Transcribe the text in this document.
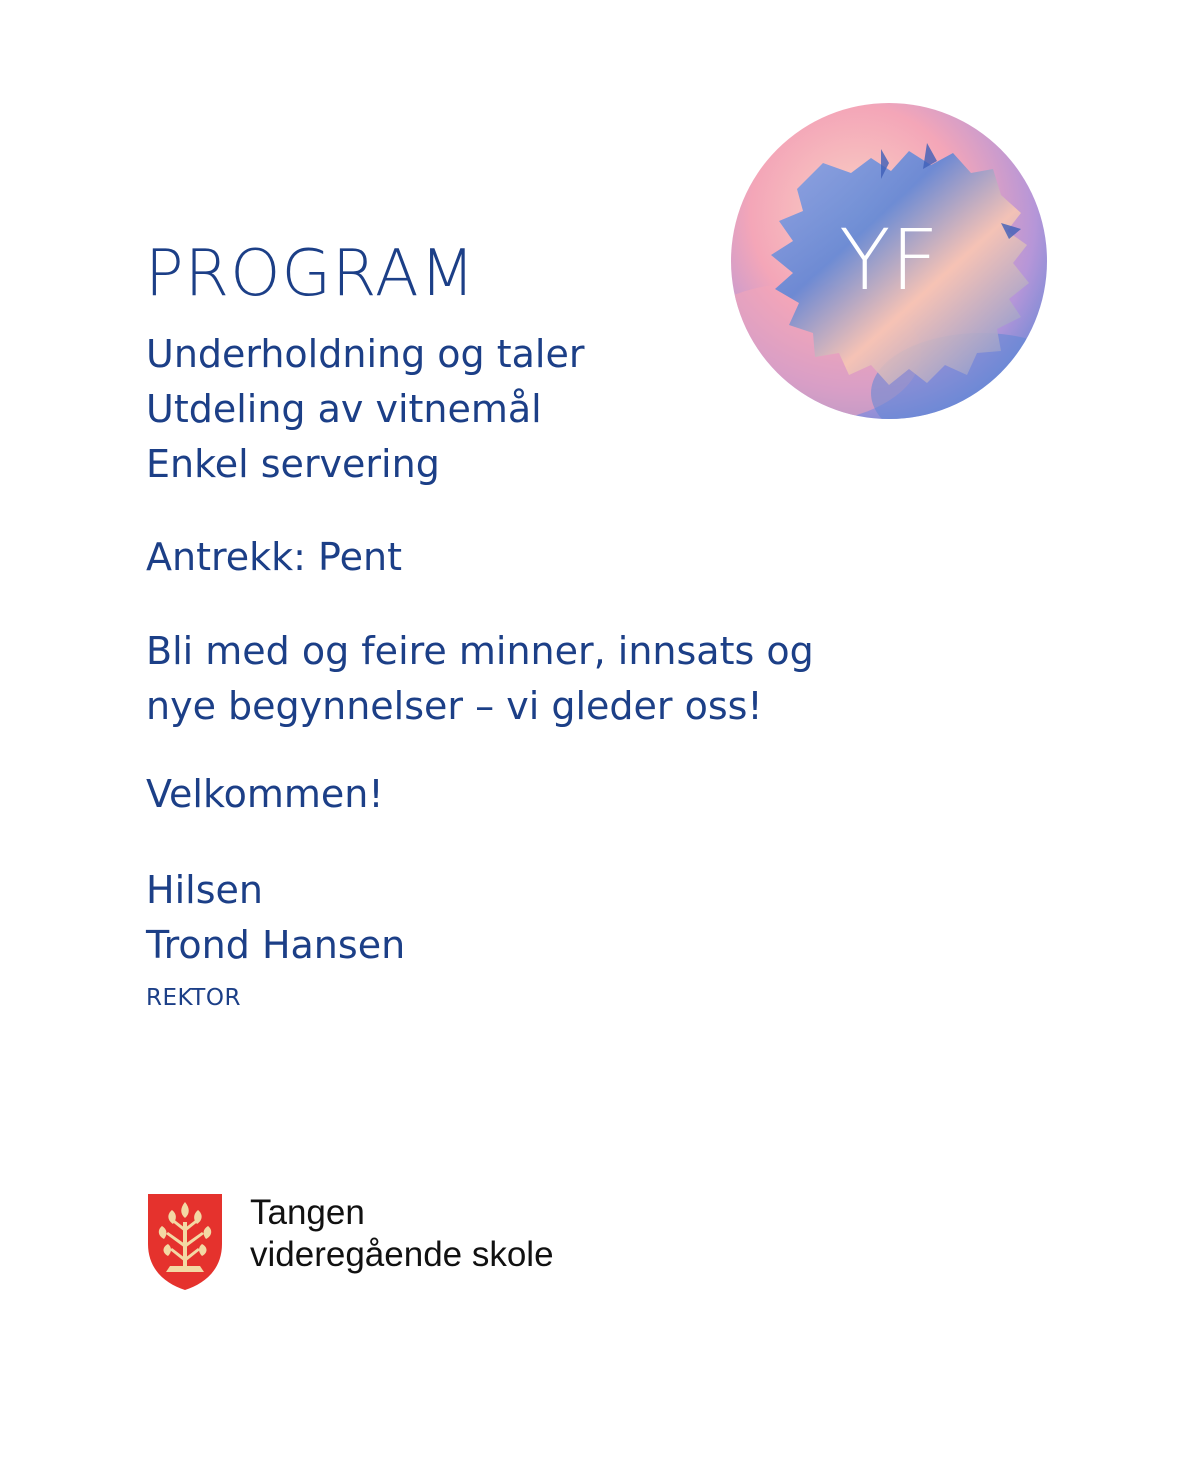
YF
PROGRAM
Underholdning og taler
Utdeling av vitnemål
Enkel servering
Antrekk: Pent
Bli med og feire minner, innsats og
nye begynnelser – vi gleder oss!
Velkommen!
Hilsen
Trond Hansen
REKTOR
Tangen
videregående skole
